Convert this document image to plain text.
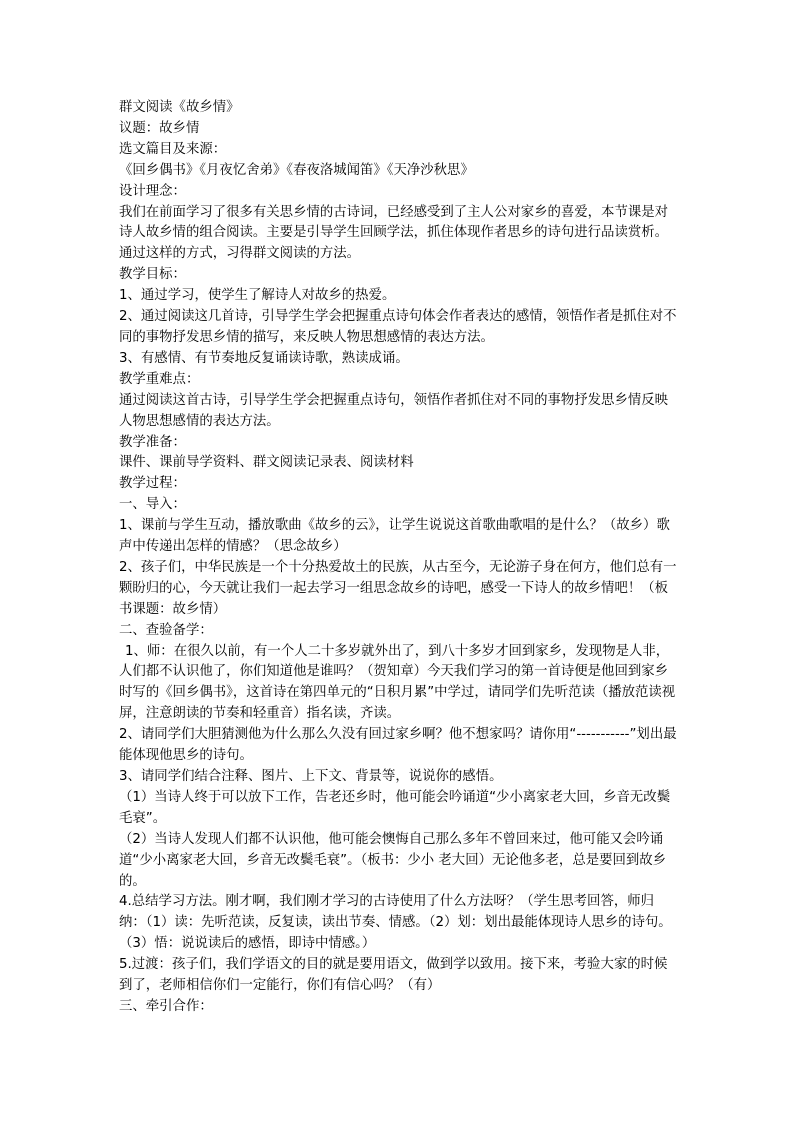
群文阅读《故乡情》

议题：故乡情

选文篇目及来源：

《回乡偶书》《月夜忆舍弟》《春夜洛城闻笛》《天净沙秋思》

设计理念：

我们在前面学习了很多有关思乡情的古诗词，已经感受到了主人公对家乡的喜爱，本节课是对诗人故乡情的组合阅读。主要是引导学生回顾学法，抓住体现作者思乡的诗句进行品读赏析。通过这样的方式，习得群文阅读的方法。

教学目标：

1、通过学习，使学生了解诗人对故乡的热爱。

2、通过阅读这几首诗，引导学生学会把握重点诗句体会作者表达的感情，领悟作者是抓住对不同的事物抒发思乡情的描写，来反映人物思想感情的表达方法。

3、有感情、有节奏地反复诵读诗歌，熟读成诵。

教学重难点：

通过阅读这首古诗，引导学生学会把握重点诗句，领悟作者抓住对不同的事物抒发思乡情反映人物思想感情的表达方法。

教学准备：

课件、课前导学资料、群文阅读记录表、阅读材料

教学过程：

一、导入：

1、课前与学生互动，播放歌曲《故乡的云》，让学生说说这首歌曲歌唱的是什么？（故乡）歌声中传递出怎样的情感？（思念故乡）

2、孩子们，中华民族是一个十分热爱故土的民族，从古至今，无论游子身在何方，他们总有一颗盼归的心，今天就让我们一起去学习一组思念故乡的诗吧，感受一下诗人的故乡情吧！（板书课题：故乡情）

二、查验备学：

1、师：在很久以前，有一个人二十多岁就外出了，到八十多岁才回到家乡，发现物是人非，人们都不认识他了，你们知道他是谁吗？（贺知章）今天我们学习的第一首诗便是他回到家乡时写的《回乡偶书》，这首诗在第四单元的“日积月累”中学过，请同学们先听范读（播放范读视屏，注意朗读的节奏和轻重音）指名读，齐读。

2、请同学们大胆猜测他为什么那么久没有回过家乡啊？他不想家吗？请你用“-----------”划出最能体现他思乡的诗句。

3、请同学们结合注释、图片、上下文、背景等，说说你的感悟。

（1）当诗人终于可以放下工作，告老还乡时，他可能会吟诵道“少小离家老大回，乡音无改鬓毛衰”。

（2）当诗人发现人们都不认识他，他可能会懊悔自己那么多年不曾回来过，他可能又会吟诵道“少小离家老大回，乡音无改鬓毛衰”。（板书：少小 老大回）无论他多老，总是要回到故乡的。

4.总结学习方法。刚才啊，我们刚才学习的古诗使用了什么方法呀？（学生思考回答，师归纳：（1）读：先听范读，反复读，读出节奏、情感。（2）划：划出最能体现诗人思乡的诗句。（3）悟：说说读后的感悟，即诗中情感。）

5.过渡：孩子们，我们学语文的目的就是要用语文，做到学以致用。接下来，考验大家的时候到了，老师相信你们一定能行，你们有信心吗？（有）

三、牵引合作：
